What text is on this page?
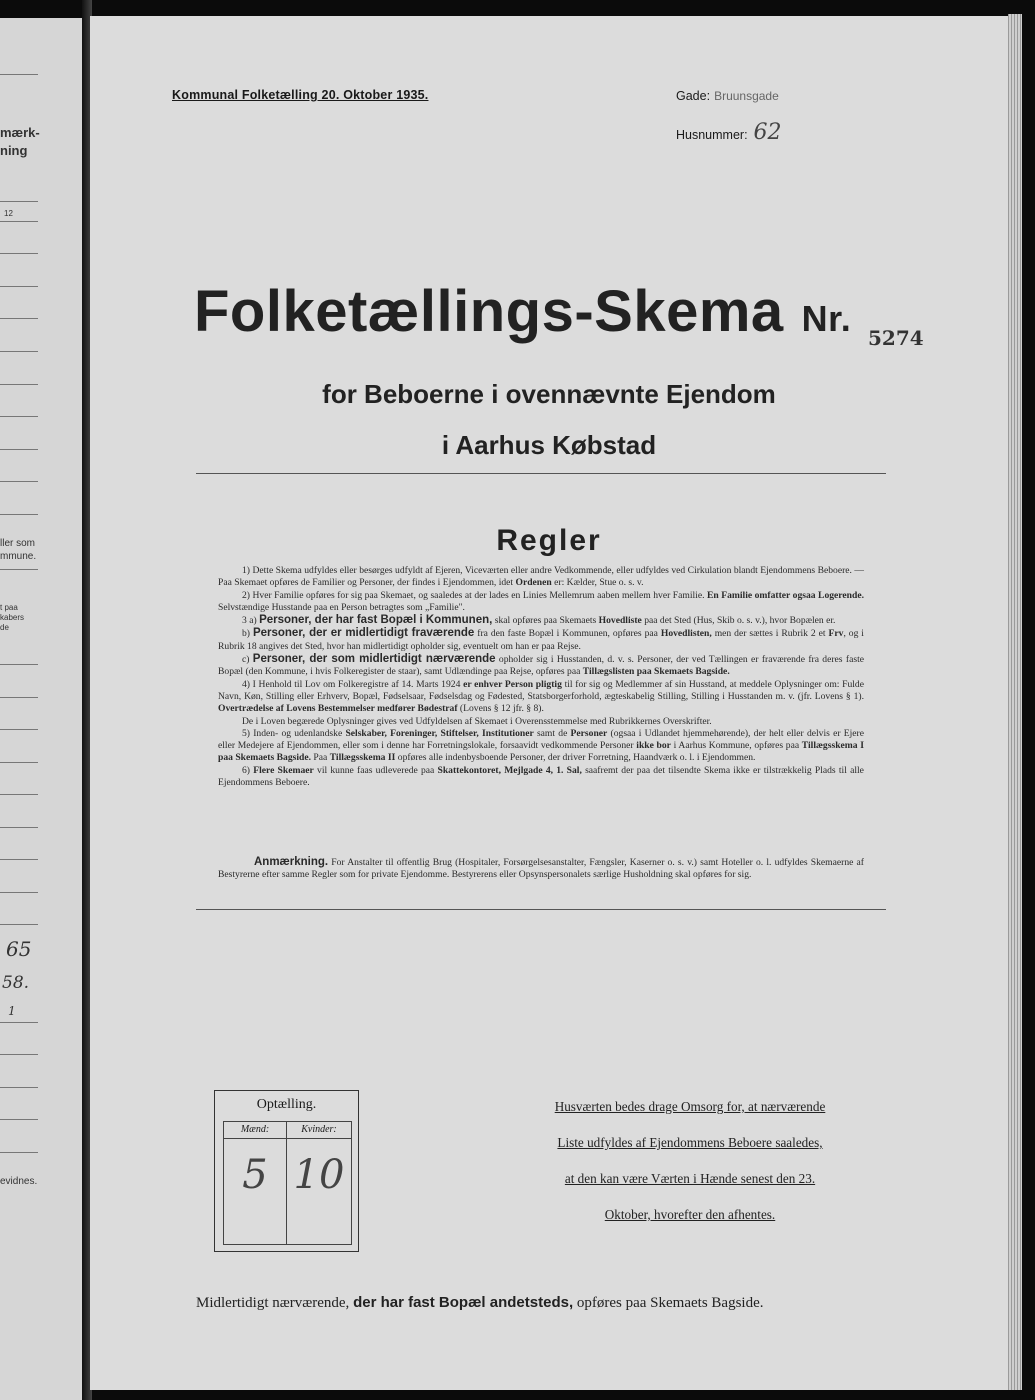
mærk-
ning
12
ller som
mmune.
t paa
kabers
de
65
58.
1
evidnes.
Kommunal Folketælling 20. Oktober 1935.	Gade: Bruunsgade
Husnummer: 62
Folketællings-Skema Nr. 5274
for Beboerne i ovennævnte Ejendom
i Aarhus Købstad
Regler

1) Dette Skema udfyldes eller besørges udfyldt af Ejeren, Viceværten eller andre Vedkommende, eller udfyldes ved Cirkulation blandt Ejendommens Beboere. — Paa Skemaet opføres de Familier og Personer, der findes i Ejendommen, idet Ordenen er: Kælder, Stue o. s. v.

2) Hver Familie opføres for sig paa Skemaet, og saaledes at der lades en Linies Mellemrum aaben mellem hver Familie. En Familie omfatter ogsaa Logerende. Selvstændige Husstande paa en Person betragtes som „Familie".

3 a) Personer, der har fast Bopæl i Kommunen, skal opføres paa Skemaets Hovedliste paa det Sted (Hus, Skib o. s. v.), hvor Bopælen er.

b) Personer, der er midlertidigt fraværende fra den faste Bopæl i Kommunen, opføres paa Hovedlisten, men der sættes i Rubrik 2 et Frv, og i Rubrik 18 angives det Sted, hvor han midlertidigt opholder sig, eventuelt om han er paa Rejse.

c) Personer, der som midlertidigt nærværende opholder sig i Husstanden, d. v. s. Personer, der ved Tællingen er fraværende fra deres faste Bopæl (den Kommune, i hvis Folkeregister de staar), samt Udlændinge paa Rejse, opføres paa Tillægslisten paa Skemaets Bagside.

4) I Henhold til Lov om Folkeregistre af 14. Marts 1924 er enhver Person pligtig til for sig og Medlemmer af sin Husstand, at meddele Oplysninger om: Fulde Navn, Køn, Stilling eller Erhverv, Bopæl, Fødselsaar, Fødselsdag og Fødested, Statsborgerforhold, ægteskabelig Stilling, Stilling i Husstanden m. v. (jfr. Lovens § 1). Overtrædelse af Lovens Bestemmelser medfører Bødestraf (Lovens § 12 jfr. § 8).

De i Loven begærede Oplysninger gives ved Udfyldelsen af Skemaet i Overensstemmelse med Rubrikkernes Overskrifter.

5) Inden- og udenlandske Selskaber, Foreninger, Stiftelser, Institutioner samt de Personer (ogsaa i Udlandet hjemmehørende), der helt eller delvis er Ejere eller Medejere af Ejendommen, eller som i denne har Forretningslokale, forsaavidt vedkommende Personer ikke bor i Aarhus Kommune, opføres paa Tillægsskema I paa Skemaets Bagside. Paa Tillægsskema II opføres alle indenbysboende Personer, der driver Forretning, Haandværk o. l. i Ejendommen.

6) Flere Skemaer vil kunne faas udleverede paa Skattekontoret, Mejlgade 4, 1. Sal, saafremt der paa det tilsendte Skema ikke er tilstrækkelig Plads til alle Ejendommens Beboere.

Anmærkning. For Anstalter til offentlig Brug (Hospitaler, Forsørgelsesanstalter, Fængsler, Kaserner o. s. v.) samt Hoteller o. l. udfyldes Skemaerne af Bestyrerne efter samme Regler som for private Ejendomme. Bestyrerens eller Opsynspersonalets særlige Husholdning skal opføres for sig.

Optælling.
Mænd:
5
Kvinder:
10
Husværten bedes drage Omsorg for, at nærværende
Liste udfyldes af Ejendommens Beboere saaledes,
at den kan være Værten i Hænde senest den 23.
Oktober, hvorefter den afhentes.
Midlertidigt nærværende, der har fast Bopæl andetsteds, opføres paa Skemaets Bagside.
